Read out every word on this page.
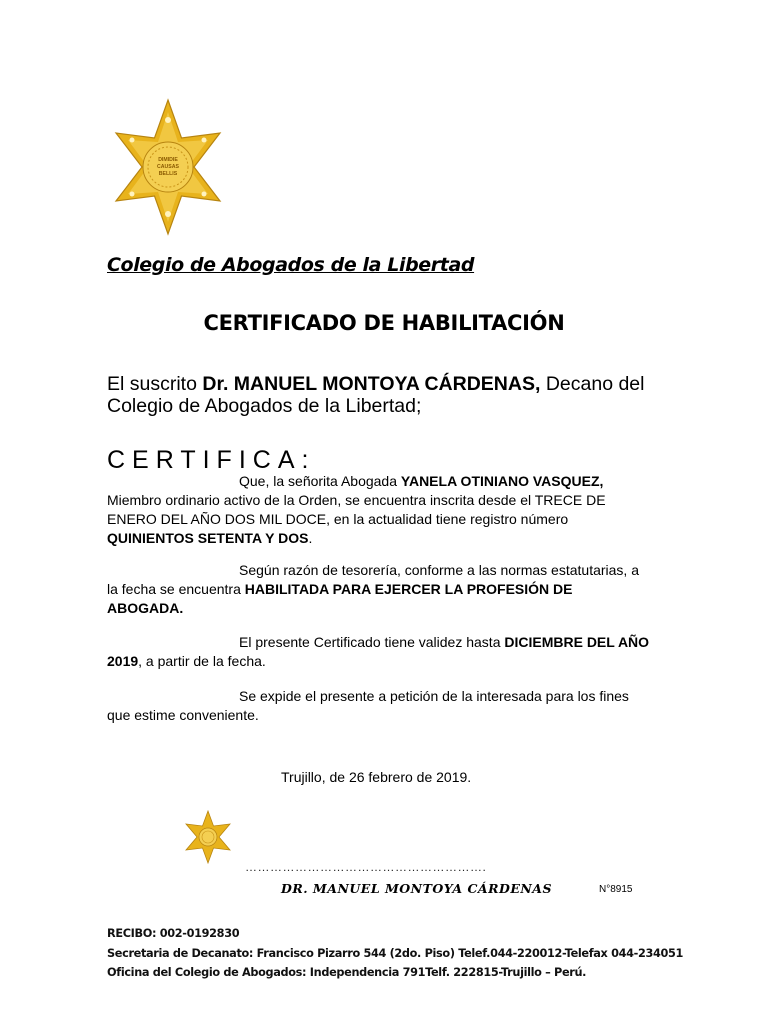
DIMIDIE
CAUSAS
BELLIS
Colegio de Abogados de la Libertad
CERTIFICADO DE HABILITACIÓN
El suscrito Dr. MANUEL MONTOYA CÁRDENAS, Decano del Colegio de Abogados de la Libertad;
CERTIFICA:
Que, la señorita Abogada YANELA OTINIANO VASQUEZ, Miembro ordinario activo de la Orden, se encuentra inscrita desde el TRECE DE ENERO DEL AÑO DOS MIL DOCE, en la actualidad tiene registro número QUINIENTOS SETENTA Y DOS.
Según razón de tesorería, conforme a las normas estatutarias, a la fecha se encuentra HABILITADA PARA EJERCER LA PROFESIÓN DE ABOGADA.
El presente Certificado tiene validez hasta DICIEMBRE DEL AÑO 2019, a partir de la fecha.
Se expide el presente a petición de la interesada para los fines que estime conveniente.
Trujillo, de 26 febrero de 2019.
………………………………………………….
DR. MANUEL MONTOYA CÁRDENAS	N°8915
RECIBO: 002-0192830
Secretaria de Decanato: Francisco Pizarro 544 (2do. Piso) Telef.044-220012-Telefax 044-234051
Oficina del Colegio de Abogados: Independencia 791Telf. 222815-Trujillo – Perú.
